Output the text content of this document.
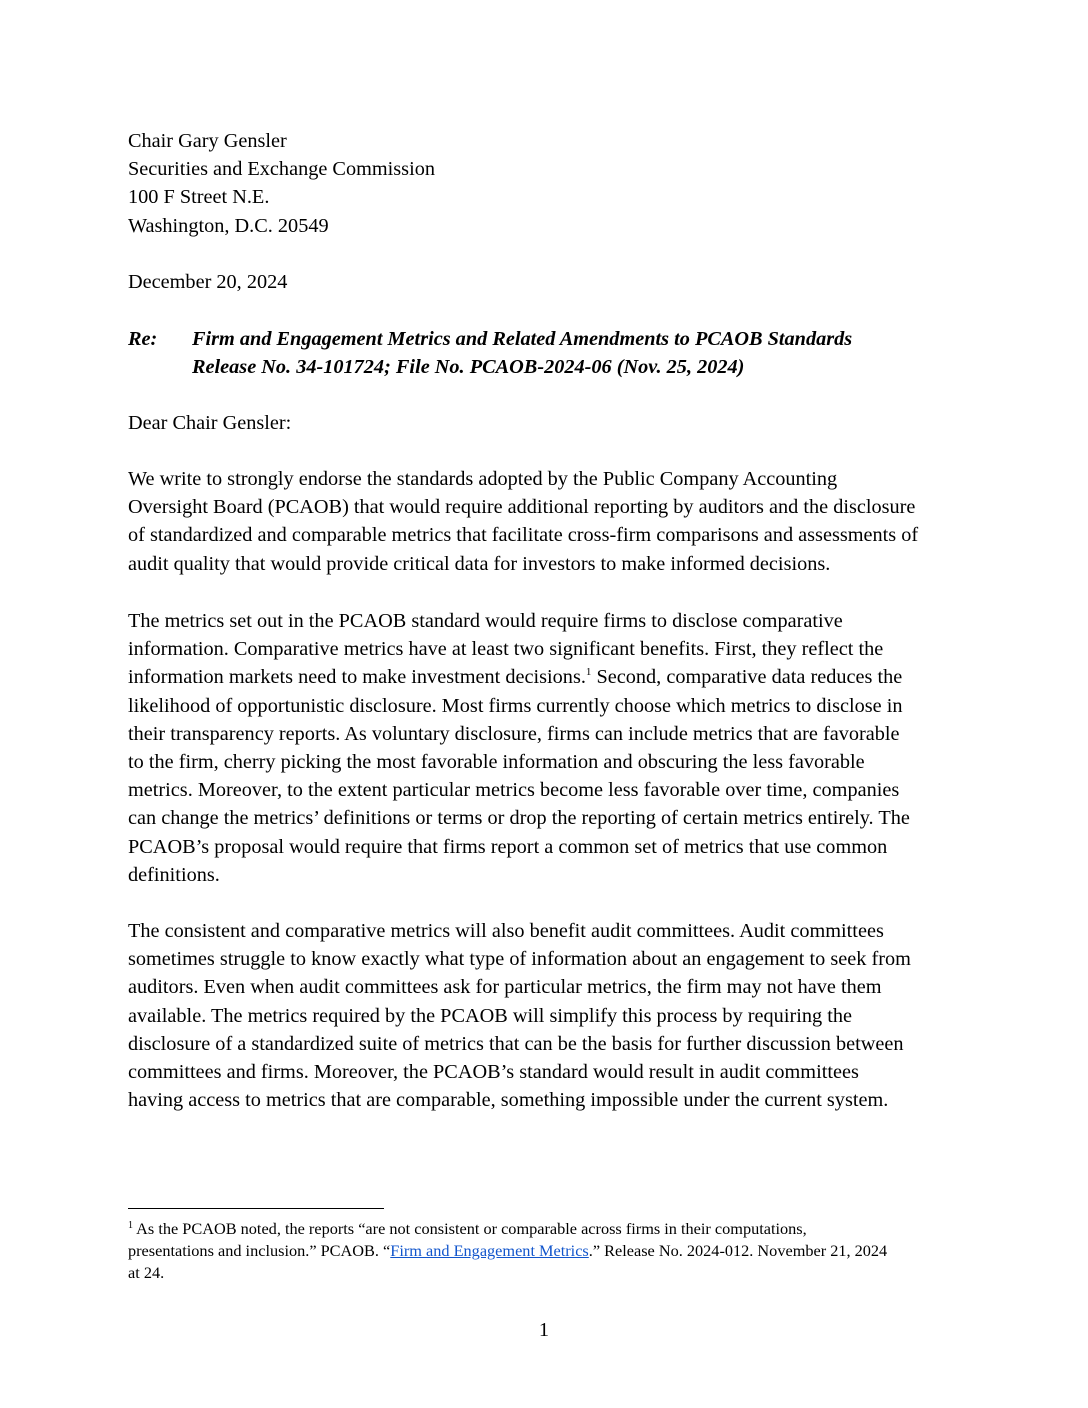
Chair Gary Gensler
Securities and Exchange Commission
100 F Street N.E.
Washington, D.C. 20549
December 20, 2024
Re: Firm and Engagement Metrics and Related Amendments to PCAOB Standards
Release No. 34-101724; File No. PCAOB-2024-06 (Nov. 25, 2024)
Dear Chair Gensler:
We write to strongly endorse the standards adopted by the Public Company Accounting
Oversight Board (PCAOB) that would require additional reporting by auditors and the disclosure
of standardized and comparable metrics that facilitate cross-firm comparisons and assessments of
audit quality that would provide critical data for investors to make informed decisions.
The metrics set out in the PCAOB standard would require firms to disclose comparative
information. Comparative metrics have at least two significant benefits. First, they reflect the
information markets need to make investment decisions.$^1$ Second, comparative data reduces the
likelihood of opportunistic disclosure. Most firms currently choose which metrics to disclose in
their transparency reports. As voluntary disclosure, firms can include metrics that are favorable
to the firm, cherry picking the most favorable information and obscuring the less favorable
metrics. Moreover, to the extent particular metrics become less favorable over time, companies
can change the metrics’ definitions or terms or drop the reporting of certain metrics entirely. The
PCAOB’s proposal would require that firms report a common set of metrics that use common
definitions.
The consistent and comparative metrics will also benefit audit committees. Audit committees
sometimes struggle to know exactly what type of information about an engagement to seek from
auditors. Even when audit committees ask for particular metrics, the firm may not have them
available. The metrics required by the PCAOB will simplify this process by requiring the
disclosure of a standardized suite of metrics that can be the basis for further discussion between
committees and firms. Moreover, the PCAOB’s standard would result in audit committees
having access to metrics that are comparable, something impossible under the current system.
$^1$ As the PCAOB noted, the reports “are not consistent or comparable across firms in their computations,
presentations and inclusion.” PCAOB. “Firm and Engagement Metrics.” Release No. 2024-012. November 21, 2024
at 24.
1
